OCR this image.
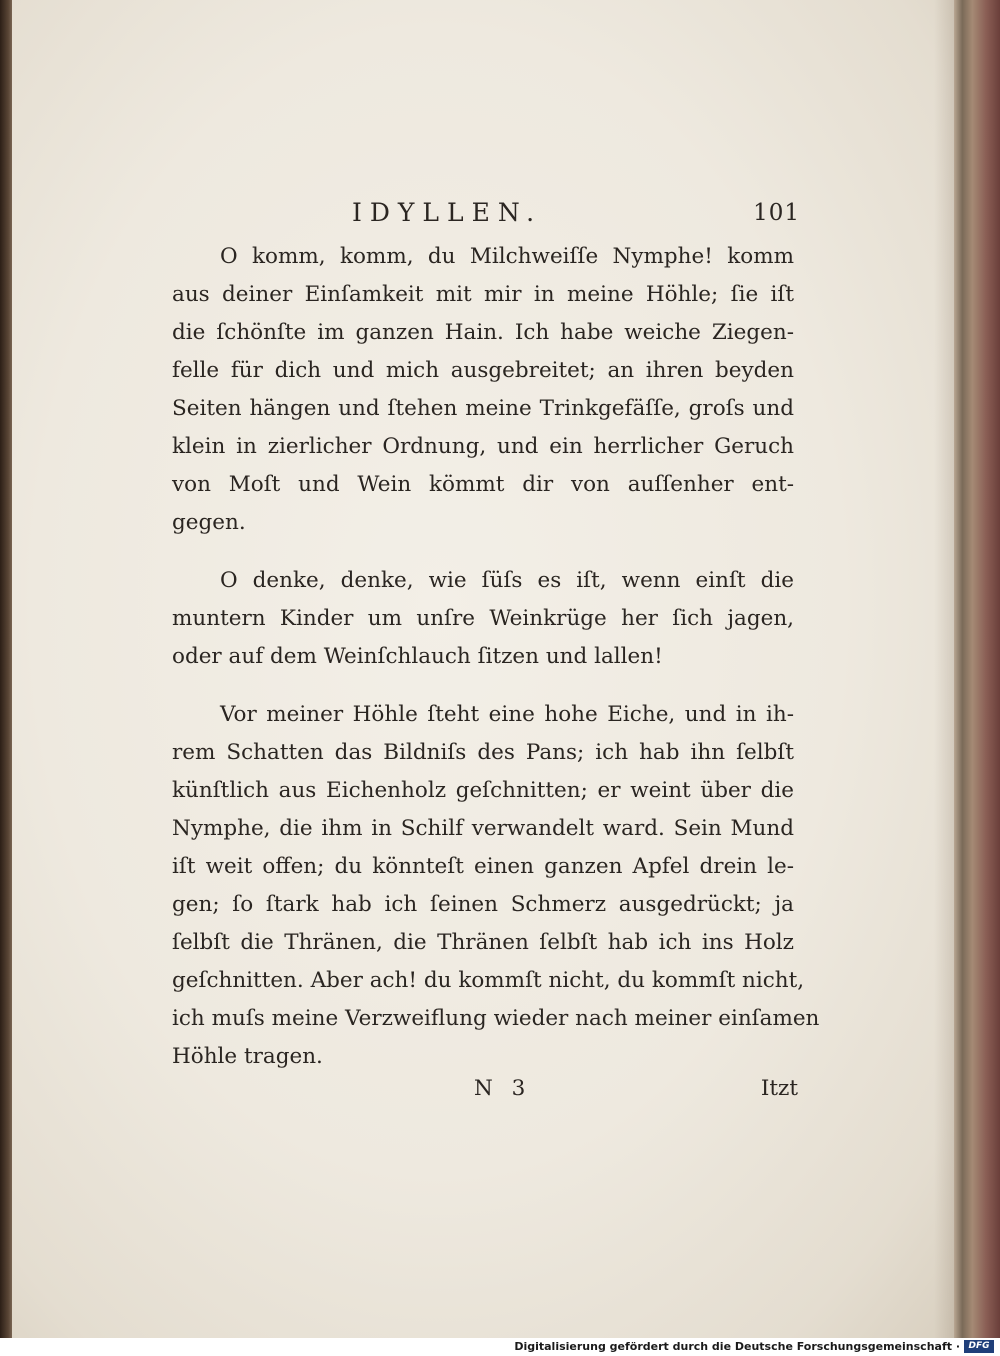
IDYLLEN.	101
O komm, komm, du Milchweiſſe Nymphe! komm
aus deiner Einſamkeit mit mir in meine Höhle; ſie iſt
die ſchönſte im ganzen Hain. Ich habe weiche Ziegen-
felle für dich und mich ausgebreitet; an ihren beyden
Seiten hängen und ſtehen meine Trinkgefäſſe, groſs und
klein in zierlicher Ordnung, und ein herrlicher Geruch
von Moſt und Wein kömmt dir von auſſenher ent-
gegen.
O denke, denke, wie ſüſs es iſt, wenn einſt die
muntern Kinder um unſre Weinkrüge her ſich jagen,
oder auf dem Weinſchlauch ſitzen und lallen!
Vor meiner Höhle ſteht eine hohe Eiche, und in ih-
rem Schatten das Bildniſs des Pans; ich hab ihn ſelbſt
künſtlich aus Eichenholz geſchnitten; er weint über die
Nymphe, die ihm in Schilf verwandelt ward. Sein Mund
iſt weit offen; du könnteſt einen ganzen Apfel drein le-
gen; ſo ſtark hab ich ſeinen Schmerz ausgedrückt; ja
ſelbſt die Thränen, die Thränen ſelbſt hab ich ins Holz
geſchnitten. Aber ach! du kommſt nicht, du kommſt nicht,
ich muſs meine Verzweiflung wieder nach meiner einſamen
Höhle tragen.
N 3	Itzt
Digitalisierung gefördert durch die Deutsche Forschungsgemeinschaft · DFG
